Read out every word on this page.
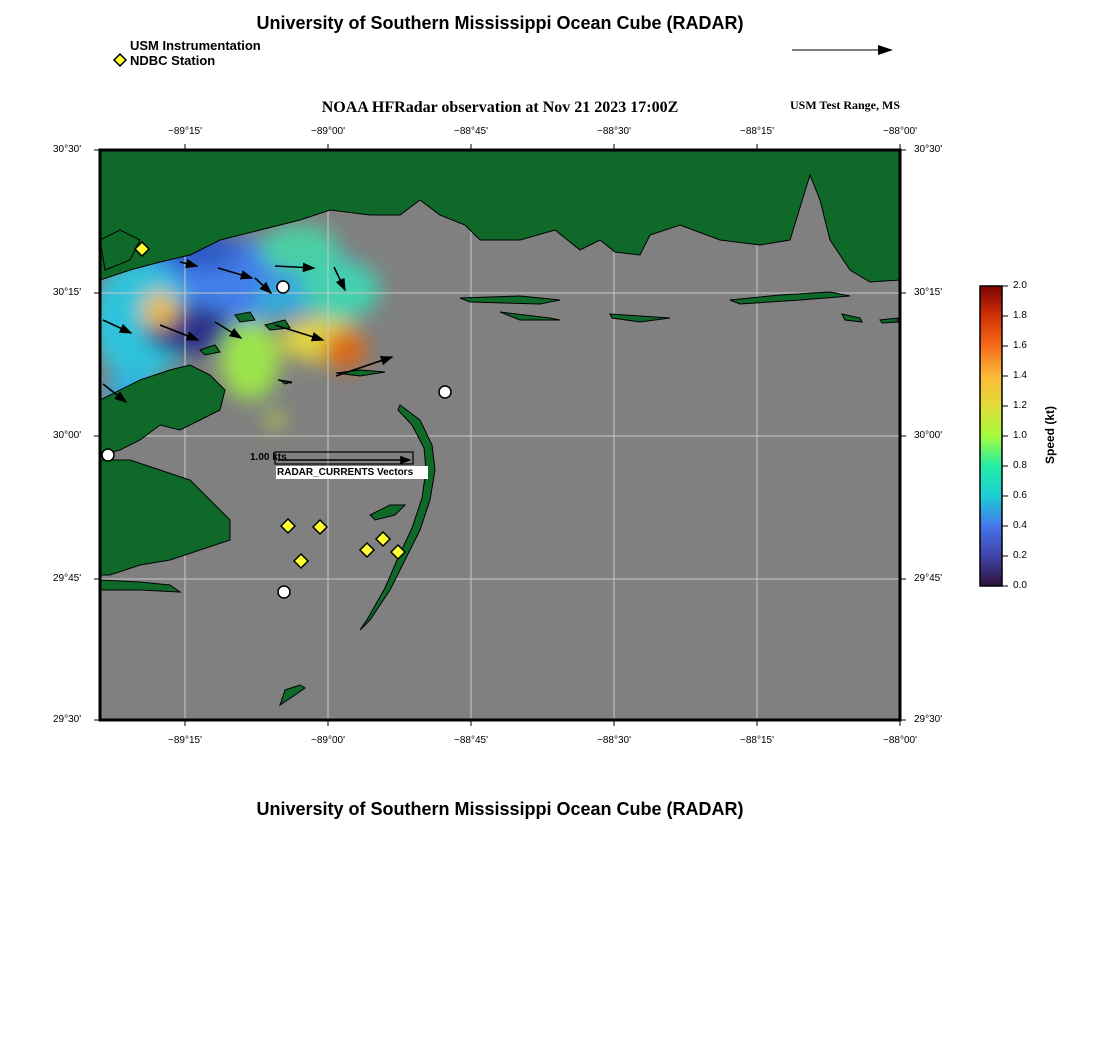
University of Southern Mississippi Ocean Cube (RADAR)
USM Instrumentation
NDBC Station
NOAA HFRadar observation at Nov 21 2023 17:00Z	USM Test Range, MS
1.00 kts
RADAR_CURRENTS Vectors
−89°15'	−89°00'	−88°45'	−88°30'	−88°15'	−88°00'
−89°15'	−89°00'	−88°45'	−88°30'	−88°15'	−88°00'
30°30'
30°15'
30°00'
29°45'
29°30'
30°30'
30°15'
30°00'
29°45'
29°30'
2.0
1.8
1.6
1.4
1.2
1.0
0.8
0.6
0.4
0.2
0.0
Speed (kt)
University of Southern Mississippi Ocean Cube (RADAR)
